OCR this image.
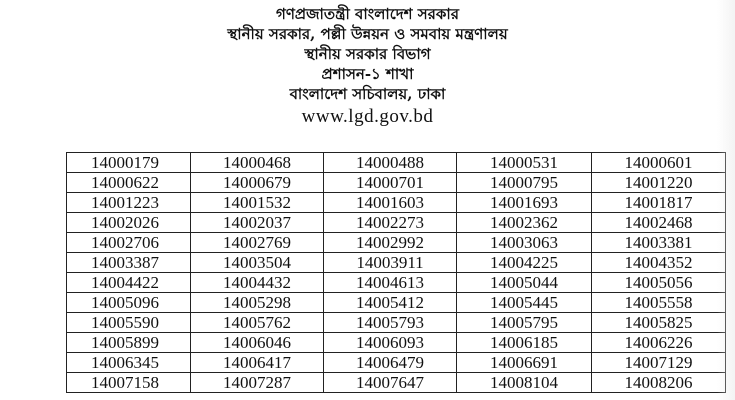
গণপ্রজাতন্ত্রী বাংলাদেশ সরকার
স্থানীয় সরকার, পল্লী উন্নয়ন ও সমবায় মন্ত্রণালয়
স্থানীয় সরকার বিভাগ
প্রশাসন-১ শাখা
বাংলাদেশ সচিবালয়, ঢাকা
www.lgd.gov.bd
14000179	14000468	14000488	14000531	14000601
14000622	14000679	14000701	14000795	14001220
14001223	14001532	14001603	14001693	14001817
14002026	14002037	14002273	14002362	14002468
14002706	14002769	14002992	14003063	14003381
14003387	14003504	14003911	14004225	14004352
14004422	14004432	14004613	14005044	14005056
14005096	14005298	14005412	14005445	14005558
14005590	14005762	14005793	14005795	14005825
14005899	14006046	14006093	14006185	14006226
14006345	14006417	14006479	14006691	14007129
14007158	14007287	14007647	14008104	14008206
